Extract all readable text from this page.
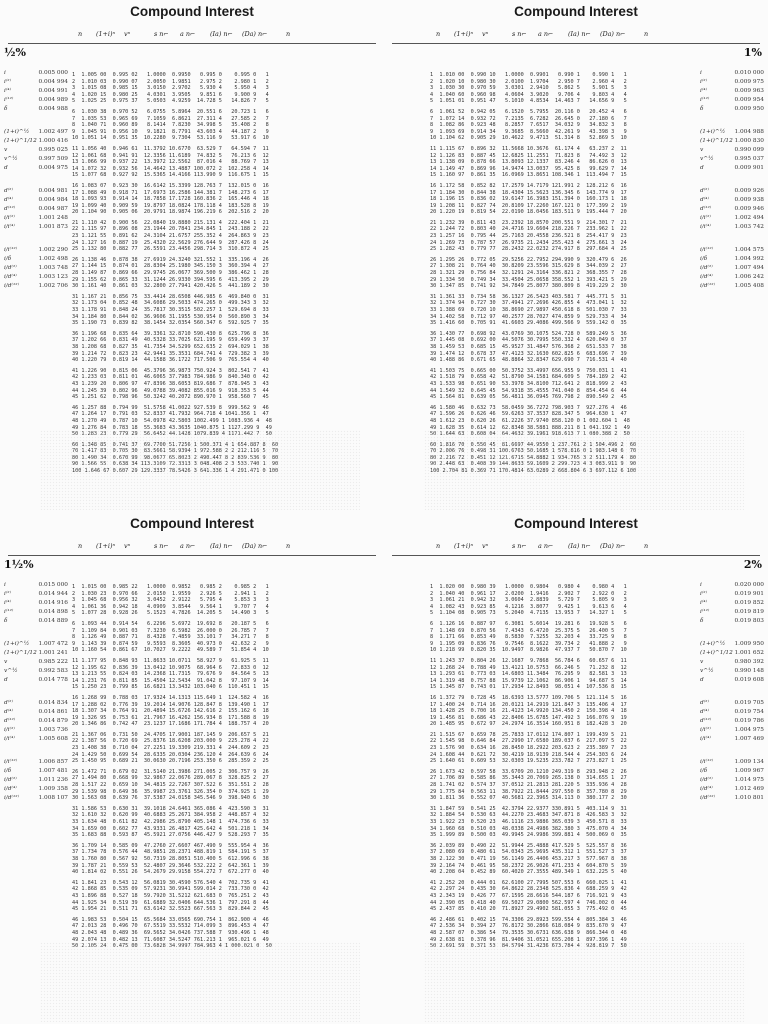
Compound Interest
½%
n (1+i)ⁿ vⁿ	s n⌐ a n⌐ (Ia) n⌐ (Da) n⌐	n
i	0.005 000
i⁽²⁾	0.004 994
i⁽⁴⁾	0.004 991
i⁽¹²⁾	0.004 989
δ	0.004 988
(1+i)^½ 1.002 497
(1+i)^1/12 1.000 416
v	0.995 025
v^½	0.997 509
d	0.004 975
d⁽²⁾	0.004 981
d⁽⁴⁾	0.004 984
d⁽¹²⁾	0.004 987
i/i⁽²⁾	1.001 248
i/i⁽⁴⁾	1.001 873
i/i⁽¹²⁾	1.002 290
i/δ	1.002 498
i/d⁽²⁾	1.003 748
i/d⁽⁴⁾	1.003 123
i/d⁽¹²⁾	1.002 706
1  1.005 00  0.995 02   1.0000  0.9950   0.995 0    0.995 0   1
2  1.010 03  0.990 07   2.0050  1.9851   2.975 2    2.980 1   2
3  1.015 08  0.985 15   3.0150  2.9702   5.930 4    5.950 4   3
4  1.020 15  0.980 25   4.0301  3.9505   9.851 6    9.900 9   4
5  1.025 25  0.975 37   5.0503  4.9259  14.728 5   14.826 7   5
6  1.030 38  0.970 52   6.0755  5.8964  20.551 6   20.723 1   6
7  1.035 53  0.965 69   7.1059  6.8621  27.311 4   27.585 2   7
8  1.040 71  0.960 89   8.1414  7.8230  34.998 5   35.408 2   8
9  1.045 91  0.956 10   9.1821  8.7791  43.603 4   44.187 2   9
10 1.051 14  0.951 35  10.2280  9.7304  53.116 9   53.917 6  10
11 1.056 40  0.946 61  11.3792 10.6770  63.529 7   64.594 7  11
12 1.061 68  0.941 91  12.3356 11.6189  74.832 5   76.213 6  12
13 1.066 99  0.937 22  13.3972 12.5562  87.016 4   88.769 7  13
14 1.072 32  0.932 56  14.4642 13.4887 100.072 2  102.258 4  14
15 1.077 68  0.927 92  15.5365 14.4166 113.990 9  116.675 1  15
16 1.083 07  0.923 30  16.6142 15.3399 128.763 7  132.015 0  16
17 1.088 49  0.918 71  17.6973 16.2586 144.381 7  148.273 6  17
18 1.093 93  0.914 14  18.7858 17.1728 160.836 2  165.446 4  18
19 1.099 40  0.909 59  19.8797 18.0824 178.118 4  183.528 8  19
20 1.104 90  0.905 06  20.9791 18.9874 196.219 6  202.516 2  20
21 1.110 42  0.900 56  22.0840 19.8880 215.131 4  222.404 1  21
22 1.115 97  0.896 08  23.1944 20.7841 234.845 1  243.188 2  22
23 1.121 55  0.891 62  24.3104 21.6757 255.352 4  264.863 9  23
24 1.127 16  0.887 19  25.4320 22.5629 276.644 9  287.426 8  24
25 1.132 80  0.882 77  26.5591 23.4456 298.714 3  310.872 4  25
26 1.138 46  0.878 38  27.6919 24.3240 321.552 1  335.196 4  26
27 1.144 15  0.874 01  28.8304 25.1980 345.150 3  360.394 4  27
28 1.149 87  0.869 66  29.9745 26.0677 369.500 9  386.462 1  28
29 1.155 62  0.865 33  31.1244 26.9330 394.595 6  413.395 2  29
30 1.161 40  0.861 03  32.2800 27.7941 420.426 5  441.189 2  30
31 1.167 21  0.856 75  33.4414 28.6508 446.985 6  469.840 0  31
32 1.173 04  0.852 48  34.6086 29.5033 474.265 0  499.343 3  32
33 1.178 91  0.848 24  35.7817 30.3515 502.257 1  529.694 8  33
34 1.184 80  0.844 02  36.9606 31.1955 530.954 0  560.890 3  34
35 1.190 73  0.839 82  38.1454 32.0354 560.347 6  592.925 7  35
36 1.196 68  0.835 64  39.3361 32.8710 590.430 8  625.796 8  36
37 1.202 66  0.831 49  40.5328 33.7025 621.195 9  659.499 3  37
38 1.208 68  0.827 35  41.7354 34.5299 652.635 2  694.029 1  38
39 1.214 72  0.823 23  42.9441 35.3531 684.741 4  729.382 3  39
40 1.220 79  0.819 14  44.1588 36.1722 717.506 9  765.554 4  40
41 1.226 90  0.815 06  45.3796 36.9873 750.924 3  802.541 7  41
42 1.233 03  0.811 01  46.6065 37.7983 784.986 9  840.340 0  42
43 1.239 20  0.806 97  47.8396 38.6053 819.686 7  878.945 3  43
44 1.245 39  0.802 96  49.0788 39.4082 855.016 9  918.353 5  44
45 1.251 62  0.798 96  50.3242 40.2072 890.970 1  958.560 7  45
46 1.257 88  0.794 99  51.5758 41.0022 927.539 8  999.562 9  46
47 1.264 17  0.791 03  52.8337 41.7932 964.718 4 1041.356 1  47
48 1.270 49  0.787 10  54.0978 42.5803 1002.499 1 1083.936 4  48
49 1.276 84  0.783 18  55.3683 43.3635 1040.875 1 1127.299 9  49
50 1.283 23  0.779 29  56.6452 44.1428 1079.839 4 1171.442 7  50
60 1.348 85  0.741 37  69.7700 51.7256 1 500.371 4 1 654.887 8  60
70 1.417 83  0.705 30  83.5661 58.9394 1 972.588 2 2 212.116 5  70
80 1.490 34  0.670 99  98.0677 65.8023 2 490.447 8 2 839.536 9  80
90 1.566 55  0.638 34 113.3109 72.3313 3 048.408 2 3 533.740 1  90
100 1.646 67 0.607 29 129.3337 78.5426 3 641.336 1 4 291.471 0 100
Compound Interest
1%
n (1+i)ⁿ vⁿ	s n⌐ a n⌐ (Ia) n⌐ (Da) n⌐	n
i	0.010 000
i⁽²⁾	0.009 975
i⁽⁴⁾	0.009 963
i⁽¹²⁾	0.009 954
δ	0.009 950
(1+i)^½ 1.004 988
(1+i)^1/12 1.000 830
v	0.990 099
v^½	0.995 037
d	0.009 901
d⁽²⁾	0.009 926
d⁽⁴⁾	0.009 938
d⁽¹²⁾	0.009 946
i/i⁽²⁾	1.002 494
i/i⁽⁴⁾	1.003 742
i/i⁽¹²⁾	1.004 575
i/δ	1.004 992
i/d⁽²⁾	1.007 494
i/d⁽⁴⁾	1.006 242
i/d⁽¹²⁾	1.005 408
1  1.010 00  0.990 10   1.0000  0.9901   0.990 1    0.990 1   1
2  1.020 10  0.980 30   2.0100  1.9704   2.950 7    2.960 4   2
3  1.030 30  0.970 59   3.0301  2.9410   5.862 5    5.901 5   3
4  1.040 60  0.960 98   4.0604  3.9020   9.706 4    9.803 4   4
5  1.051 01  0.951 47   5.1010  4.8534  14.463 7   14.656 9   5
6  1.061 52  0.942 05   6.1520  5.7955  20.116 0   20.452 4   6
7  1.072 14  0.932 72   7.2135  6.7282  26.645 0   27.180 6   7
8  1.082 86  0.923 48   8.2857  7.6517  34.032 9   34.832 3   8
9  1.093 69  0.914 34   9.3685  8.5660  42.261 9   43.398 3   9
10 1.104 62  0.905 29  10.4622  9.4713  51.314 8   52.869 5  10
11 1.115 67  0.896 32  11.5668 10.3676  61.174 4   63.237 2  11
12 1.126 83  0.887 45  12.6825 11.2551  71.823 8   74.492 3  12
13 1.138 09  0.878 66  13.8093 12.1337  83.246 4   86.626 0  13
14 1.149 47  0.869 96  14.9474 13.0037  95.425 8   99.629 7  14
15 1.160 97  0.861 35  16.0969 13.8651 108.346 1  113.494 7  15
16 1.172 58  0.852 82  17.2579 14.7179 121.991 2  128.212 6  16
17 1.184 30  0.844 38  18.4304 15.5623 136.345 6  143.774 9  17
18 1.196 15  0.836 02  19.6147 16.3983 151.394 0  160.173 1  18
19 1.208 11  0.827 74  20.8109 17.2260 167.121 0  177.399 2  19
20 1.220 19  0.819 54  22.0190 18.0456 183.511 9  195.444 7  20
21 1.232 39  0.811 43  23.2392 18.8570 200.551 9  214.301 7  21
22 1.244 72  0.803 40  24.4716 19.6604 218.226 7  233.962 1  22
23 1.257 16  0.795 44  25.7163 20.4558 236.521 8  254.417 9  23
24 1.269 73  0.787 57  26.9735 21.2434 255.423 4  275.661 3  24
25 1.282 43  0.779 77  28.2432 22.0232 274.917 8  297.684 4  25
26 1.295 26  0.772 05  29.5256 22.7952 294.990 9  320.479 6  26
27 1.308 21  0.764 40  30.8209 23.5596 315.629 8  344.039 2  27
28 1.321 29  0.756 84  32.1291 24.3164 336.821 2  368.355 7  28
29 1.334 50  0.749 34  33.4504 25.0658 358.552 1  393.421 5  29
30 1.347 85  0.741 92  34.7849 25.8077 380.809 8  419.229 2  30
31 1.361 33  0.734 58  36.1327 26.5423 403.581 7  445.771 5  31
32 1.374 94  0.727 30  37.4941 27.2696 426.855 4  473.041 1  32
33 1.388 69  0.720 10  38.8690 27.9897 450.618 8  501.030 7  33
34 1.402 58  0.712 97  40.2577 28.7027 474.859 9  529.733 4  34
35 1.416 60  0.705 91  41.6603 29.4086 499.566 9  559.142 0  35
36 1.430 77  0.698 92  43.0769 30.1075 524.728 0  589.249 5  36
37 1.445 08  0.692 00  44.5076 30.7995 550.332 4  620.049 0  37
38 1.459 53  0.685 15  45.9527 31.4847 576.368 2  651.533 7  38
39 1.474 12  0.678 37  47.4123 32.1630 602.825 6  683.696 7  39
40 1.488 86  0.671 65  48.8864 32.8347 629.690 7  716.531 4  40
41 1.503 75  0.665 00  50.3752 33.4997 656.955 9  750.031 1  41
42 1.518 79  0.658 42  51.8790 34.1581 684.609 5  784.189 2  42
43 1.533 98  0.651 90  53.3978 34.8100 712.641 2  818.999 2  43
44 1.549 32  0.645 45  54.9318 35.4555 741.040 8  854.454 6  44
45 1.564 81  0.639 05  56.4811 36.0945 769.798 2  890.549 2  45
46 1.580 46  0.632 73  58.0459 36.7272 798.903 7  927.276 4  46
47 1.596 26  0.626 46  59.6263 37.3537 828.347 5  964.630 1  47
48 1.612 23  0.620 26  61.2226 37.9740 858.120 0 1 002.604 1  48
49 1.628 35  0.614 12  62.8348 38.5881 888.211 8 1 041.192 1  49
50 1.644 63  0.608 04  64.4632 39.1961 918.613 7 1 080.388 2  50
60 1.816 70  0.550 45  81.6697 44.9550 1 237.761 2 1 504.496 2  60
70 2.006 76  0.498 31 100.6763 50.1685 1 578.816 0 1 983.148 6  70
80 2.216 72  0.451 12 121.6715 54.8882 1 934.765 3 2 511.179 4  80
90 2.448 63  0.408 39 144.8633 59.1609 2 299.723 4 3 083.911 9  90
100 2.704 81 0.369 71 170.4814 63.0289 2 668.804 6 3 697.112 6 100
Compound Interest
1½%
n (1+i)ⁿ vⁿ	s n⌐ a n⌐ (Ia) n⌐ (Da) n⌐	n
i	0.015 000
i⁽²⁾	0.014 944
i⁽⁴⁾	0.014 916
i⁽¹²⁾	0.014 898
δ	0.014 889
(1+i)^½ 1.007 472
(1+i)^1/12 1.001 241
v	0.985 222
v^½	0.992 583
d	0.014 778
d⁽²⁾	0.014 834
d⁽⁴⁾	0.014 861
d⁽¹²⁾	0.014 879
i/i⁽²⁾	1.003 736
i/i⁽⁴⁾	1.005 608
i/i⁽¹²⁾	1.006 857
i/δ	1.007 481
i/d⁽²⁾	1.011 236
i/d⁽⁴⁾	1.009 358
i/d⁽¹²⁾	1.008 107
1  1.015 00  0.985 22   1.0000  0.9852   0.985 2    0.985 2   1
2  1.030 23  0.970 66   2.0150  1.9559   2.926 5    2.941 1   2
3  1.045 68  0.956 32   3.0452  2.9122   5.795 4    5.853 3   3
4  1.061 36  0.942 18   4.0909  3.8544   9.564 1    9.707 7   4
5  1.077 28  0.928 26   5.1523  4.7826  14.205 5   14.490 3   5
6  1.093 44  0.914 54   6.2296  5.6972  19.692 8   20.187 5   6
7  1.109 84  0.901 03   7.3230  6.5982  26.000 0   26.785 7   7
8  1.126 49  0.887 71   8.4328  7.4859  33.101 7   34.271 7   8
9  1.143 39  0.874 59   9.5593  8.3605  40.973 0   42.632 2   9
10 1.160 54  0.861 67  10.7027  9.2222  49.589 7   51.854 4  10
11 1.177 95  0.848 93  11.8633 10.0711  58.927 9   61.925 5  11
12 1.195 62  0.836 39  13.0412 10.9075  68.964 6   72.833 0  12
13 1.213 55  0.824 03  14.2368 11.7315  79.676 9   84.564 5  13
14 1.231 76  0.811 85  15.4504 12.5434  91.042 8   97.107 9  14
15 1.250 23  0.799 85  16.6821 13.3432 103.040 6  110.451 1  15
16 1.268 99  0.788 03  17.9324 14.1313 115.649 1  124.582 4  16
17 1.288 02  0.776 39  19.2014 14.9076 128.847 8  139.490 1  17
18 1.307 34  0.764 91  20.4894 15.6726 142.616 2  155.162 6  18
19 1.326 95  0.753 61  21.7967 16.4262 156.934 8  171.588 8  19
20 1.346 86  0.742 47  23.1237 17.1686 171.784 4  188.757 4  20
21 1.367 06  0.731 50  24.4705 17.9001 187.145 9  206.657 5  21
22 1.387 56  0.720 69  25.8376 18.6208 203.000 9  225.278 4  22
23 1.408 38  0.710 04  27.2251 19.3309 219.331 4  244.609 2  23
24 1.429 50  0.699 54  28.6335 20.0304 236.120 4  264.639 6  24
25 1.450 95  0.689 21  30.0630 20.7196 253.350 6  285.359 2  25
26 1.472 71  0.679 02  31.5140 21.3986 271.005 2  306.757 9  26
27 1.494 80  0.668 99  32.9867 22.0676 289.067 8  328.825 2  27
28 1.517 22  0.659 10  34.4815 22.7267 307.522 6  351.551 2  28
29 1.539 98  0.649 36  35.9987 23.3761 326.354 0  374.925 1  29
30 1.563 08  0.639 76  37.5387 24.0158 345.546 9  398.940 6  30
31 1.586 53  0.630 31  39.1018 24.6461 365.086 4  423.590 3  31
32 1.610 32  0.620 99  40.6883 25.2671 384.958 2  448.857 4  32
33 1.634 48  0.611 82  42.2986 25.8790 405.148 1  474.736 6  33
34 1.659 00  0.602 77  43.9331 26.4817 425.642 4  501.218 1  34
35 1.683 88  0.593 87  45.5921 27.0756 446.427 9  528.293 7  35
36 1.709 14  0.585 09  47.2760 27.6607 467.490 9  555.954 4  36
37 1.734 78  0.576 44  48.9851 28.2371 488.819 1  584.191 5  37
38 1.760 80  0.567 92  50.7319 28.8051 510.400 5  612.996 6  38
39 1.787 21  0.559 53  52.4807 29.3646 532.222 2  642.361 1  39
40 1.814 02  0.551 26  54.2679 29.9158 554.272 7  672.277 0  40
41 1.841 23  0.543 12  56.0819 30.4590 576.540 4  702.735 9  41
42 1.868 85  0.535 09  57.9231 30.9941 599.014 2  733.730 0  42
43 1.896 88  0.527 18  59.7920 31.5212 621.683 0  765.251 2  43
44 1.925 34  0.519 39  61.6889 32.0406 644.536 1  797.291 8  44
45 1.954 21  0.511 71  63.6142 32.5523 667.563 3  829.844 2  45
46 1.983 53  0.504 15  65.5684 33.0565 690.754 1  862.900 4  46
47 2.013 28  0.496 70  67.5519 33.5532 714.099 3  896.453 4  47
48 2.043 48  0.489 36  69.5652 34.0426 737.588 7  930.496 1  48
49 2.074 13  0.482 13  71.6087 34.5247 761.213 1  965.021 6  49
50 2.105 24  0.475 00  73.6828 34.9997 784.963 4 1 000.021 0  50
Compound Interest
2%
n (1+i)ⁿ vⁿ	s n⌐ a n⌐ (Ia) n⌐ (Da) n⌐	n
i	0.020 000
i⁽²⁾	0.019 901
i⁽⁴⁾	0.019 852
i⁽¹²⁾	0.019 819
δ	0.019 803
(1+i)^½ 1.009 950
(1+i)^1/12 1.001 652
v	0.980 392
v^½	0.990 148
d	0.019 608
d⁽²⁾	0.019 705
d⁽⁴⁾	0.019 754
d⁽¹²⁾	0.019 786
i/i⁽²⁾	1.004 975
i/i⁽⁴⁾	1.007 469
i/i⁽¹²⁾	1.009 134
i/δ	1.009 967
i/d⁽²⁾	1.014 975
i/d⁽⁴⁾	1.012 469
i/d⁽¹²⁾	1.010 801
1  1.020 00  0.980 39   1.0000  0.9804   0.980 4    0.980 4   1
2  1.040 40  0.961 17   2.0200  1.9416   2.902 7    2.922 0   2
3  1.061 21  0.942 32   3.0604  2.8839   5.729 7    5.805 9   3
4  1.082 43  0.923 85   4.1216  3.8077   9.425 1    9.613 6   4
5  1.104 08  0.905 73   5.2040  4.7135  13.953 7   14.327 1   5
6  1.126 16  0.887 97   6.3081  5.6014  19.281 6   19.928 5   6
7  1.148 69  0.870 56   7.4343  6.4720  25.375 5   26.400 5   7
8  1.171 66  0.853 49   8.5830  7.3255  32.203 4   33.725 9   8
9  1.195 09  0.836 76   9.7546  8.1622  39.734 2   41.888 2   9
10 1.218 99  0.820 35  10.9497  8.9826  47.937 7   50.870 7  10
11 1.243 37  0.804 26  12.1687  9.7868  56.784 6   60.657 6  11
12 1.268 24  0.788 49  13.4121 10.5753  66.246 5   71.232 8  12
13 1.293 61  0.773 03  14.6803 11.3484  76.295 9   82.581 3  13
14 1.319 48  0.757 88  15.9739 12.1062  86.906 1   94.687 5  14
15 1.345 87  0.743 01  17.2934 12.8493  98.051 4  107.536 8  15
16 1.372 79  0.728 45  18.6393 13.5777 109.706 5  121.114 5  16
17 1.400 24  0.714 16  20.0121 14.2919 121.847 3  135.406 4  17
18 1.428 25  0.700 16  21.4123 14.9920 134.450 2  150.398 4  18
19 1.456 81  0.686 43  22.8406 15.6785 147.492 3  166.076 9  19
20 1.485 95  0.672 97  24.2974 16.3514 160.951 8  182.428 3  20
21 1.515 67  0.659 78  25.7833 17.0112 174.807 1  199.439 5  21
22 1.545 98  0.646 84  27.2990 17.6580 189.037 6  217.097 5  22
23 1.576 90  0.634 16  28.8450 18.2922 203.623 2  235.389 7  23
24 1.608 44  0.621 72  30.4219 18.9139 218.544 4  254.303 6  24
25 1.640 61  0.609 53  32.0303 19.5235 233.782 7  273.827 1  25
26 1.673 42  0.597 58  33.6709 20.1210 249.319 8  293.948 2  26
27 1.706 89  0.585 86  35.3443 20.7069 265.138 0  314.655 1  27
28 1.741 02  0.574 37  37.0512 21.2813 281.220 5  335.936 4  28
29 1.775 84  0.563 11  38.7922 21.8444 297.550 8  357.780 8  29
30 1.811 36  0.552 07  40.5681 22.3965 314.113 0  380.177 2  30
31 1.847 59  0.541 25  42.3794 22.9377 330.891 5  403.114 9  31
32 1.884 54  0.530 63  44.2270 23.4683 347.871 8  426.583 3  32
33 1.922 23  0.520 23  46.1116 23.9886 365.039 3  450.571 8  33
34 1.960 68  0.510 03  48.0338 24.4986 382.380 3  475.070 4  34
35 1.999 89  0.500 03  49.9945 24.9986 399.881 4  500.069 0  35
36 2.039 89  0.490 22  51.9944 25.4888 417.529 5  525.557 8  36
37 2.080 69  0.480 61  54.0343 25.9695 435.312 1  551.527 3  37
38 2.122 30  0.471 19  56.1149 26.4406 453.217 3  577.967 8  38
39 2.164 74  0.461 95  58.2372 26.9026 471.233 4  604.870 5  39
40 2.208 04  0.452 89  60.4020 27.3555 489.349 1  632.225 5  40
41 2.252 20  0.444 01  62.6100 27.7995 507.553 6  660.025 1  41
42 2.297 24  0.435 30  64.8622 28.2348 525.836 4  688.259 9  42
43 2.343 19  0.426 77  67.1595 28.6616 544.187 6  716.921 9  43
44 2.390 05  0.418 40  69.5027 29.0800 562.597 4  746.002 0  44
45 2.437 85  0.410 20  71.8927 29.4902 581.055 3  775.492 0  45
46 2.486 61  0.402 15  74.3306 29.8923 599.554 4  805.384 3  46
47 2.536 34  0.394 27  76.8172 30.2866 618.084 9  835.670 9  47
48 2.587 07  0.386 54  79.3535 30.6731 636.638 9  866.344 0  48
49 2.638 81  0.378 96  81.9406 31.0521 655.208 1  897.396 1  49
50 2.691 59  0.371 53  84.5794 31.4236 673.784 4  928.819 7  50
